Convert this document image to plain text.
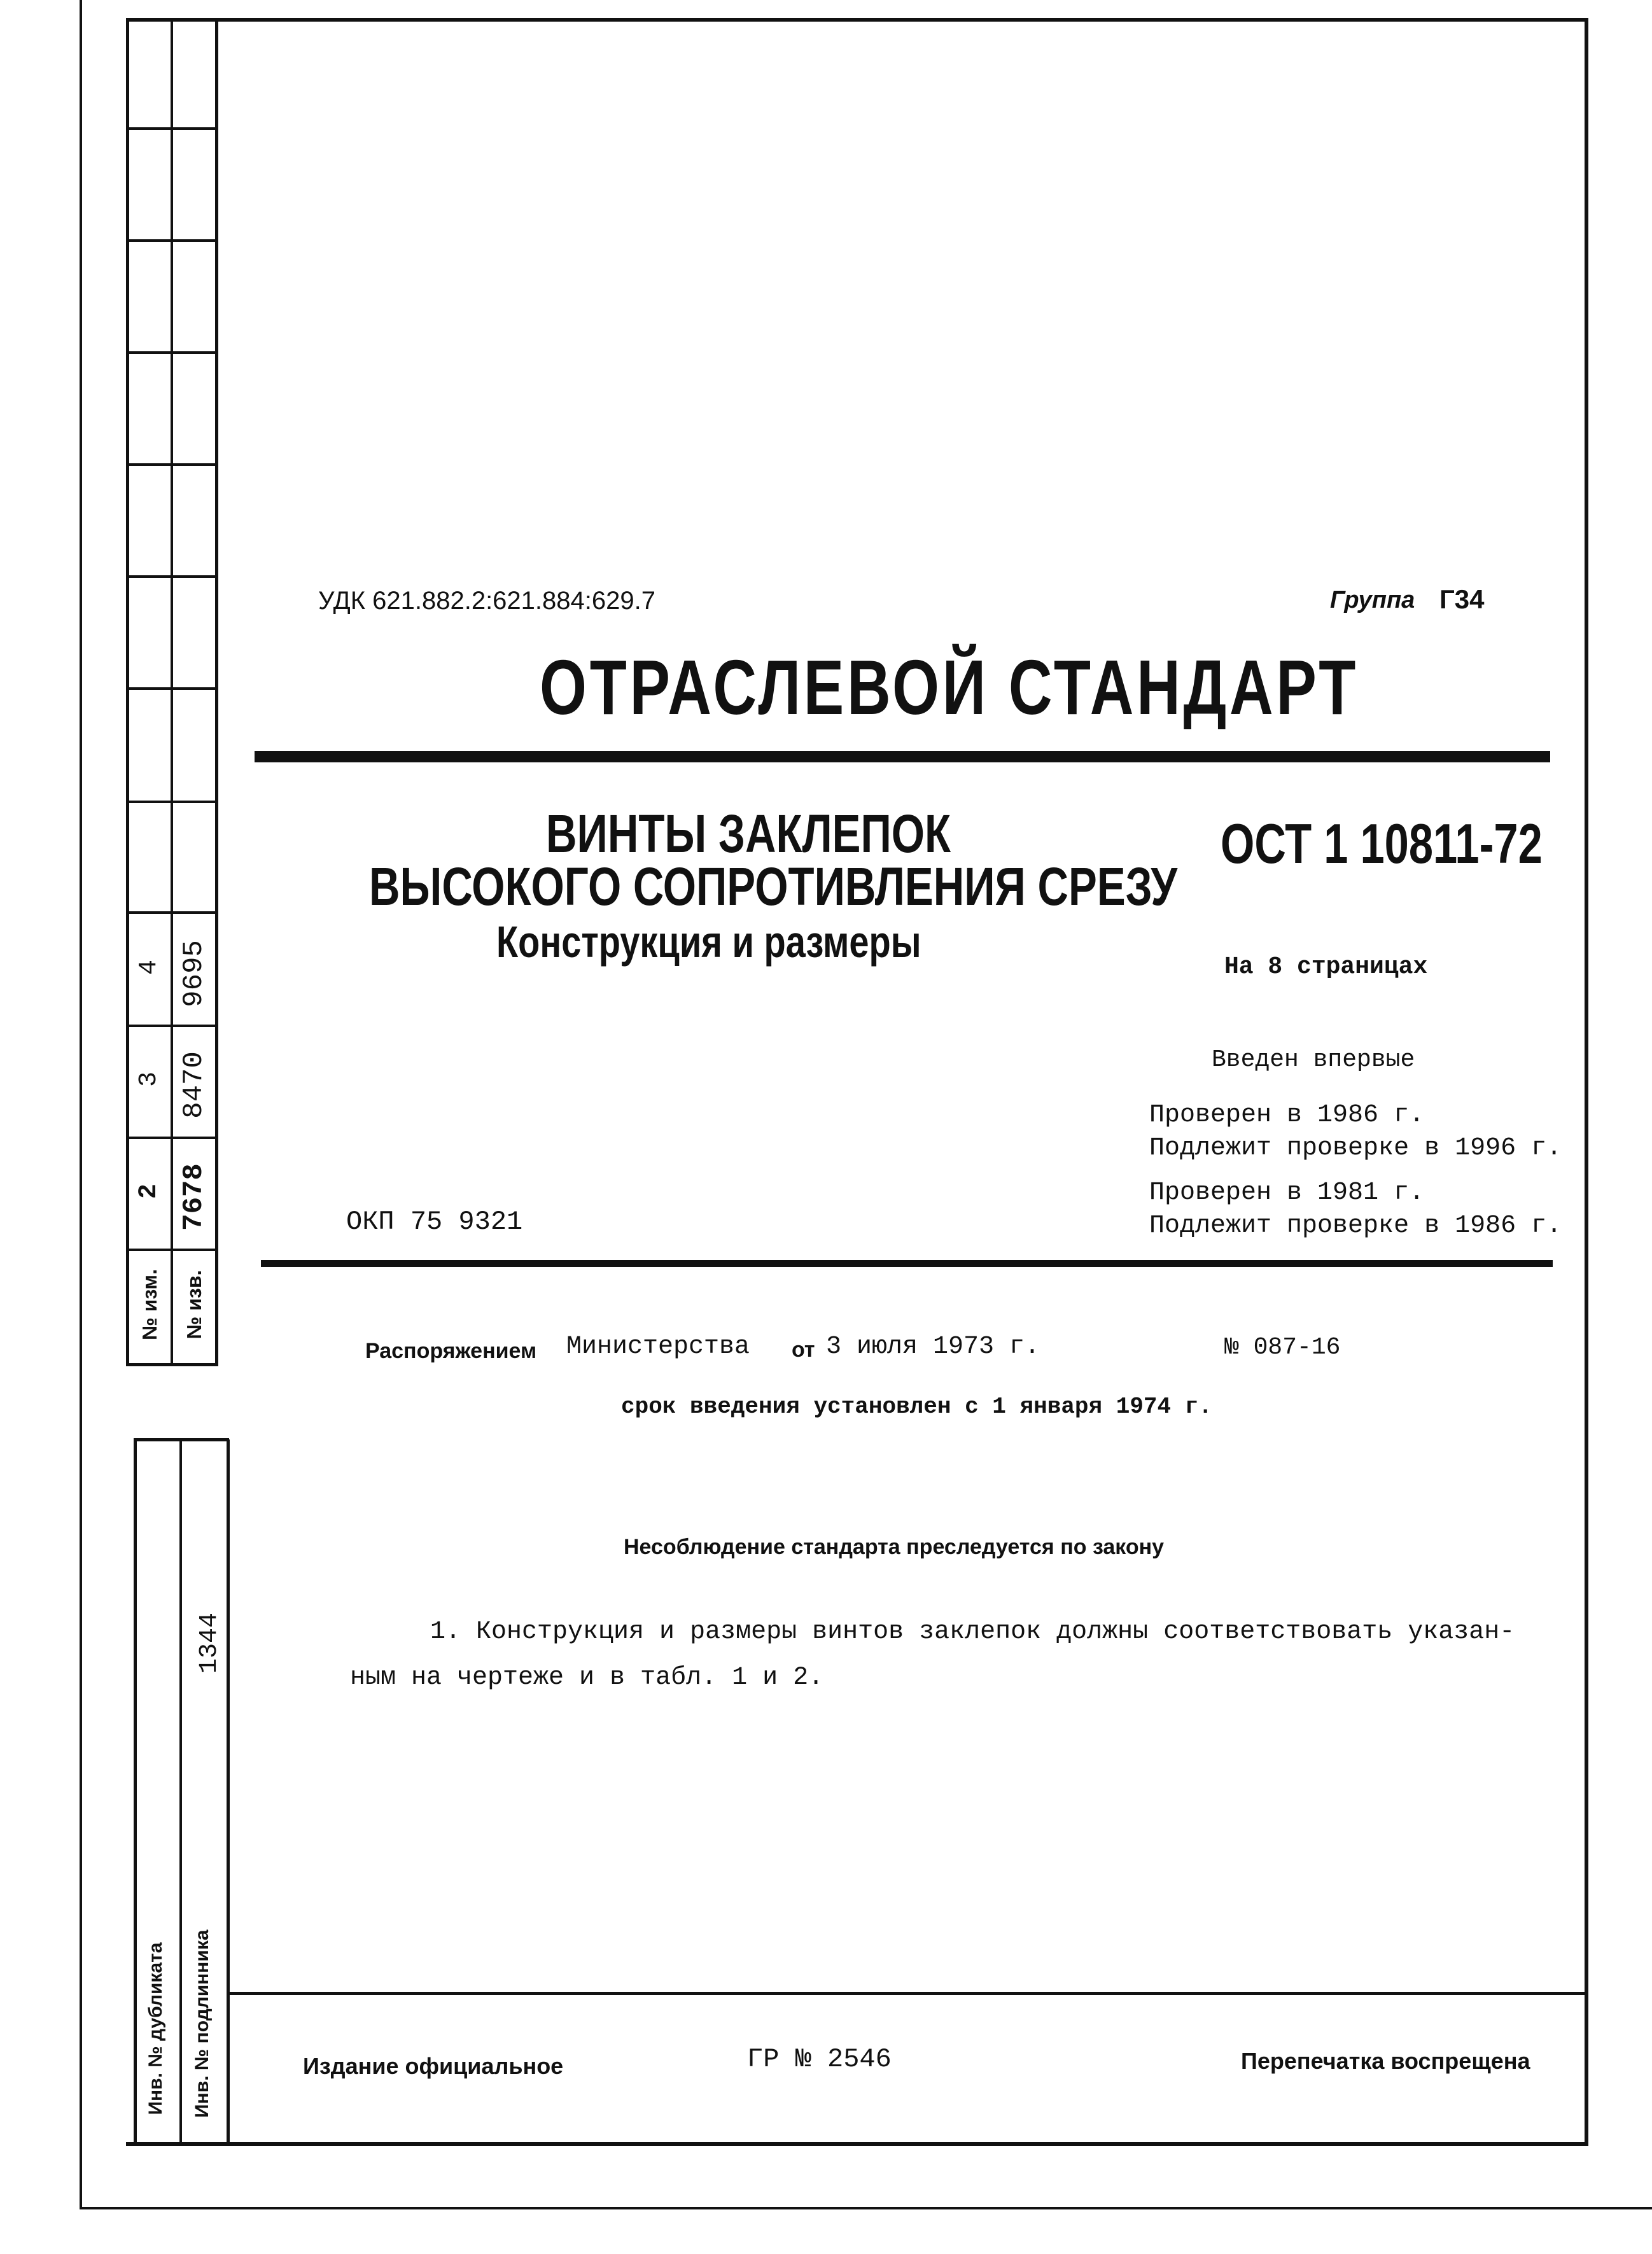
4 9695
3 8470
2 7678
№ изм. № изв.
1344
Инв. № дубликата Инв. № подлинника
УДК 621.882.2:621.884:629.7	Группа Г34
ОТРАСЛЕВОЙ СТАНДАРТ
ВИНТЫ ЗАКЛЕПОК
ВЫСОКОГО СОПРОТИВЛЕНИЯ СРЕЗУ
Конструкция и размеры
ОСТ 1 10811-72
На 8 страницах
Введен впервые
Проверен в 1986 г.
Подлежит проверке в 1996 г.
Проверен в 1981 г.
Подлежит проверке в 1986 г.
ОКП 75 9321
Распоряжением Министерства от 3 июля 1973 г.	№ 087-16
срок введения установлен с 1 января 1974 г.
Несоблюдение стандарта преследуется по закону
1. Конструкция и размеры винтов заклепок должны соответствовать указан-
ным на чертеже и в табл. 1 и 2.
Издание официальное	ГР № 2546	Перепечатка воспрещена
